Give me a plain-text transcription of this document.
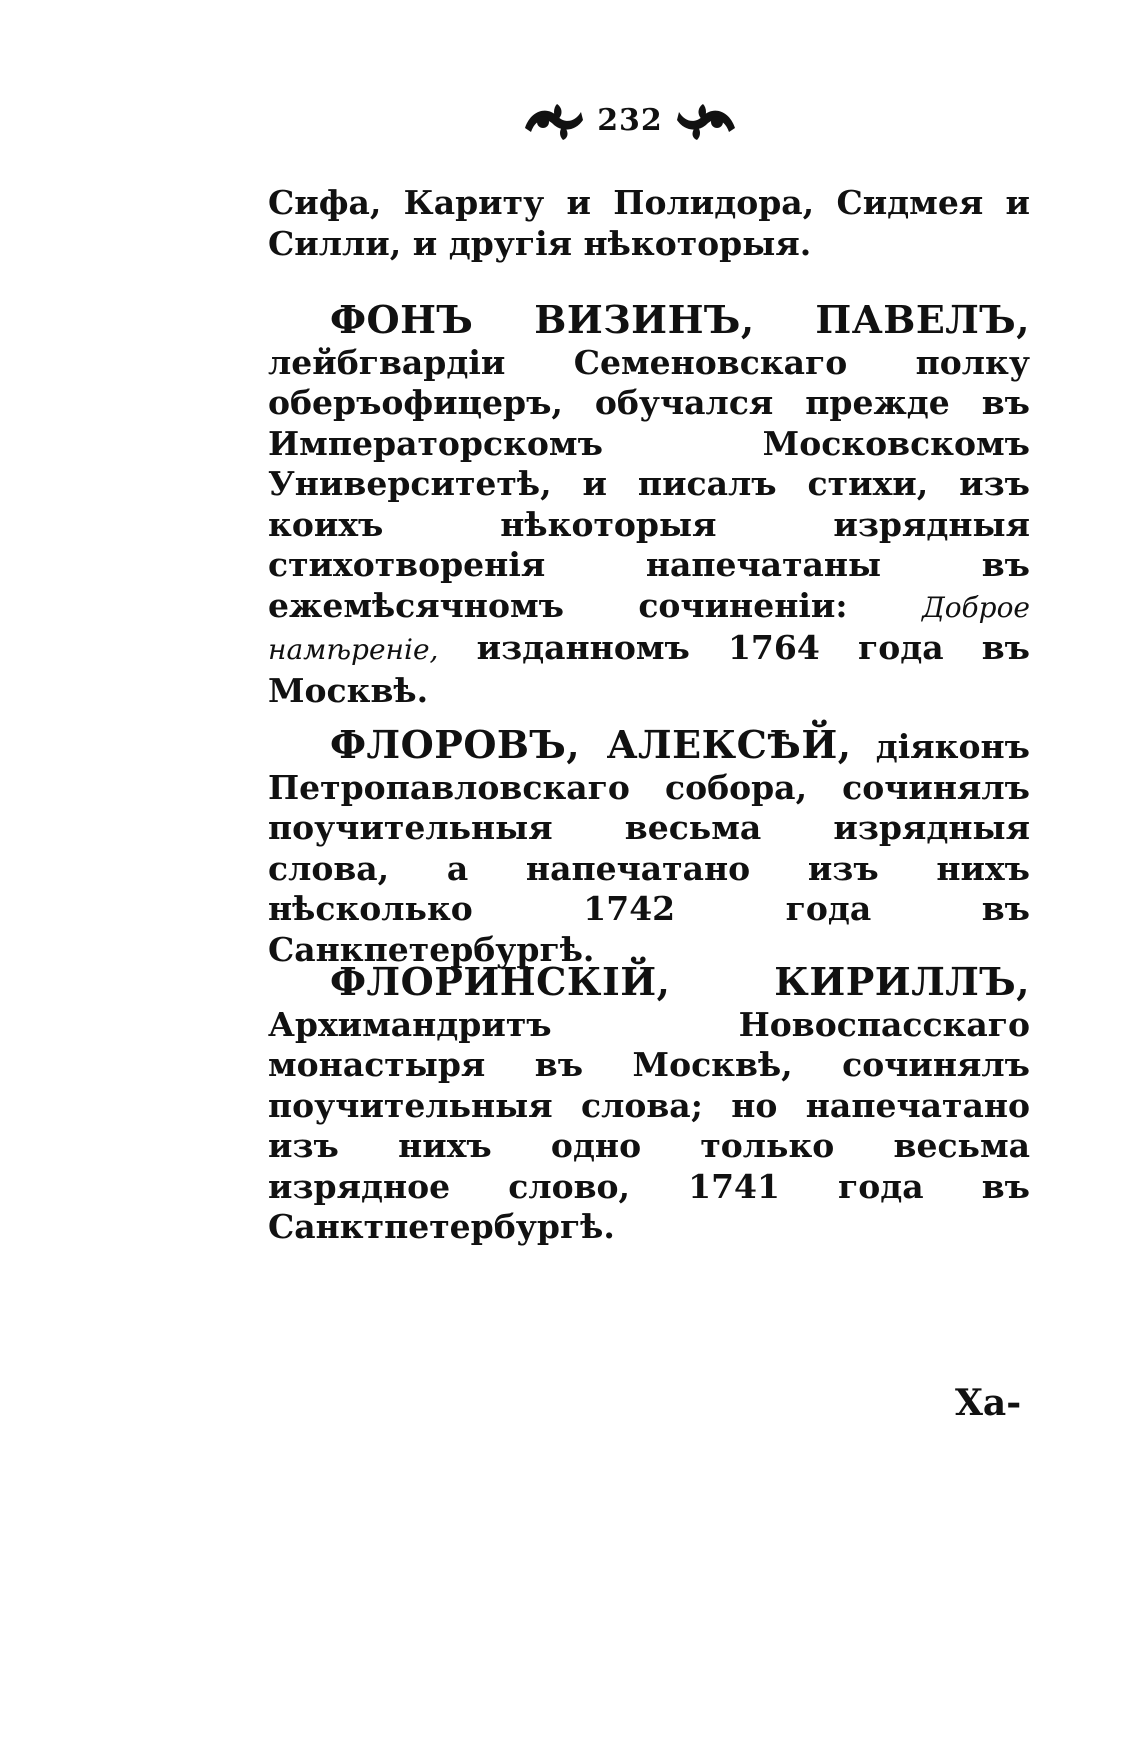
232
Сифа, Кариту и Полидора, Сидмея и Силли, и другія нѣкоторыя.
ФОНЪ ВИЗИНЪ, ПАВЕЛЪ, лейбгвардіи Семеновскаго полку оберъофицеръ, обучался прежде въ Императорскомъ Московскомъ Университетѣ, и писалъ стихи, изъ коихъ нѣкоторыя изрядныя стихотворенія напечатаны въ ежемѣсячномъ сочиненіи:	Доброе намѣреніе, изданномъ 1764 года въ Москвѣ.
ФЛОРОВЪ, АЛЕКСѢЙ, діяконъ Петропавловскаго собора, сочинялъ поучительныя весьма изрядныя слова, а напечатано изъ нихъ нѣсколько 1742 года въ Санкпетербургѣ.
ФЛОРИНСКІЙ, КИРИЛЛЪ, Архимандритъ Новоспасскаго монастыря въ Москвѣ, сочинялъ поучительныя слова; но напечатано изъ нихъ одно только весьма изрядное слово, 1741 года въ Санктпетербургѣ.
Ха-
